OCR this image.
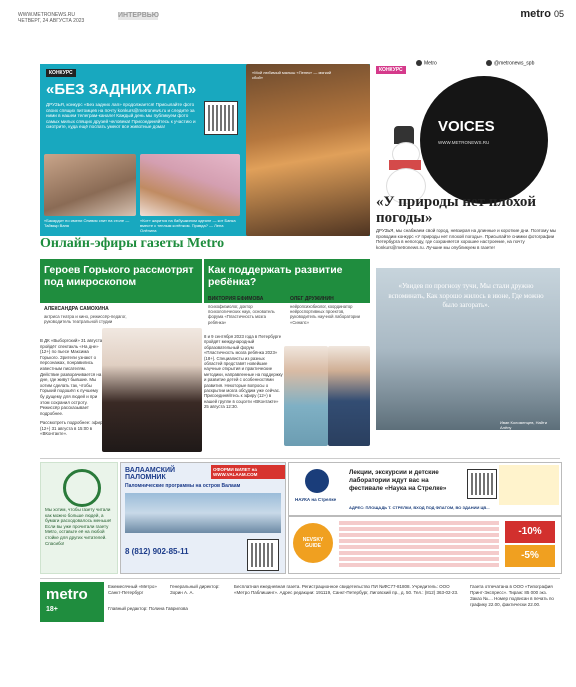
WWW.METRONEWS.RU
ЧЕТВЕРГ, 24 АВГУСТА 2023
ИНТЕРВЬЮ	metro 05
КОНКУРС
«БЕЗ ЗАДНИХ ЛАП»
ДРУЗЬЯ, конкурс «Без задних лап» продолжается! Присылайте фото своих спящих питомцев на почту konkurs@metronews.ru и следите за ними в нашем телеграм-канале! Каждый день мы публикуем фото самых милых спящих друзей человека! Присоединяйтесь к участию и смотрите, куда ещё поспать умеют все животные дома!
«Бакарди» по имени Оливия спит на столе — Таймыр Ваня
«Кот» жарится на бабушкином одеяле — кот Банка вместе с теплым котёнком. Правда? — Лена Олёнина
«Мой любимый малыш «Пенек» — мягкий сбой»
КОНКУРС
Metro	@metronews_spb
VOICES
WWW.METRONEWS.RU
«У природы нет плохой погоды»
ДРУЗЬЯ, мы снабжаем свой город, невзирая на длинные и короткие дни. Поэтому мы проводим конкурс «У природы нет плохой погоды». Присылайте снимки фотографии Петербурга в непогоду, где сохраняется хорошее настроение, на почту konkurs@metronews.ru. Лучшие мы опубликуем в газете!
«Увидев по прогнозу тучи, Мы стали дружно вспоминать, Как хорошо жилось в июне, Где можно было загорать».
Иван Коломенцев, Найти Алёну
Онлайн-эфиры газеты Metro
Героев Горького рассмотрят под микроскопом
АЛЕКСАНДРА САМОХИНА
актриса театра и кино, режиссёр-педагог, руководитель театральной студии
В ДК «Выборгский» 31 августа пройдёт спектакль «На дне» (12+) по пьесе Максима Горького. Зрители узнают о персонажах, понравились известным писателям. Действие разворачивается на дне, где живут бывшие. Мы хотим сделать так, чтобы Горький подошёл к лучшему бу дущему для людей и при этом сохранил остроту. Режиссёр рассказывает подробнее.
Рассмотреть подробнее: эфир (12+) 31 августа в 15:00 в «ВКонтакте».
Как поддержать развитие ребёнка?
ВИКТОРИЯ ЕФИМОВА
психофизиолог, доктор психологических наук, основатель форума «Пластичность мозга ребёнка»
ОЛЕГ ДРУЖИНИН
нейропсихобиолог, координатор нейроспортивных проектов, руководитель научной лаборатории «Синапс»
8 и 9 сентября 2023 года в Петербурге пройдёт международный образовательный форум «Пластичность мозга ребёнка 2023» (18+). Специалисты из разных областей представят новейшие научные открытия и практические методики, направленные на поддержку и развитие детей с особенностями развития. Некоторые вопросы о раскрытии мозга обсудим уже сейчас. Присоединяйтесь к эфиру (12+) в нашей группе в соцсети «ВКонтакте» 25 августа 12:30.
Мы хотим, чтобы газету читали как можно больше людей, а бумаги расходовалось меньше! Если вы уже прочитали газету Metro, оставьте её на любой стойке для других читателей. Спасибо!
ВАЛААМСКИЙ ПАЛОМНИК
ОФОРМИ БИЛЕТ на WWW.VALAAM.COM
Паломнические программы на остров Валаам
8 (812) 902-85-11
НАУКА на Стрелке
Лекции, экскурсии и детские лаборатории ждут вас на фестивале «Наука на Стрелке»
АДРЕС: ПЛОЩАДЬ Т. СТРЕЛКИ, ВХОД ПОД ФЛАГОМ, ВО ЗДАНИИ ЦВ...
NEVSKY GUIDE
-10%
-5%
metro
18+
Ежемесячный «Метро» Санкт-Петербург
Генеральный директор: Зорин А. А.
Главный редактор: Полина Гаврилова
Бесплатная ежедневная газета. Регистрационное свидетельство ПИ №ФС77-81808. Учредитель: ООО «Метро Паблишинг». Адрес редакции: 191119, Санкт-Петербург, Лиговский пр., д. 50. Тел.: (812) 363-02-23.
Газета отпечатана в ООО «Типография Принт-Экспресс». Тираж: 85 000 экз. Заказ №.... Номер подписан в печать по графику 22.00, фактически 22.00.
